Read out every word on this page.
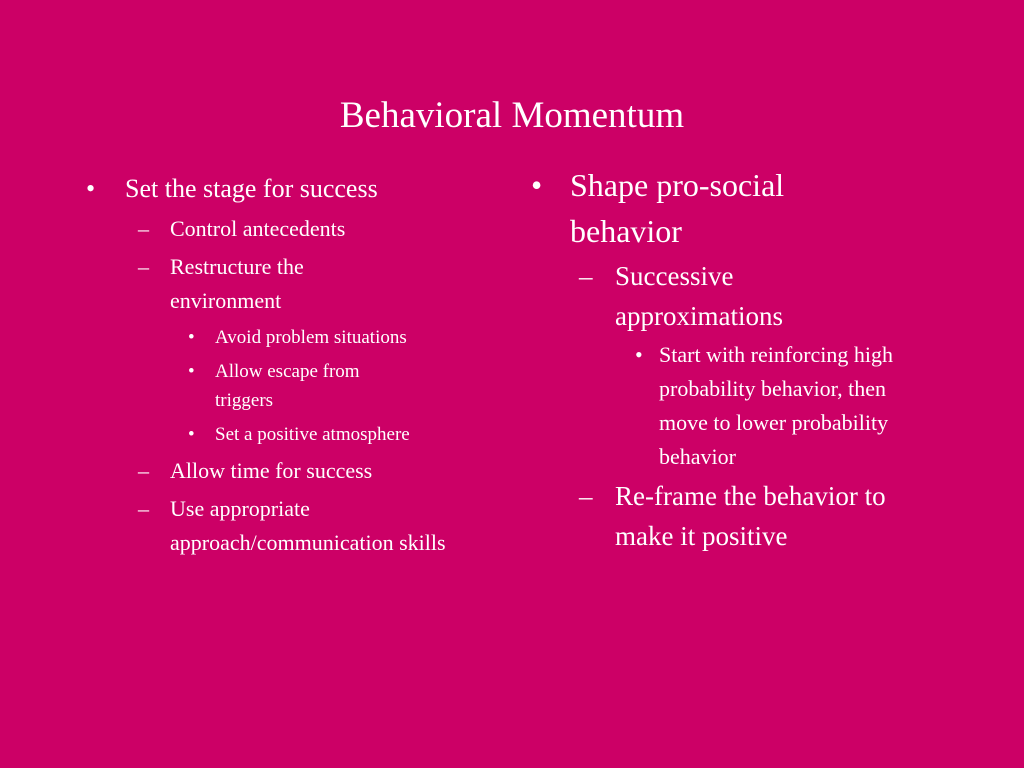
Behavioral Momentum
• Set the stage for success
– Control antecedents
– Restructure the environment
• Avoid problem situations
• Allow escape from triggers
• Set a positive atmosphere
– Allow time for success
– Use appropriate approach/communication skills
• Shape pro-social behavior
– Successive approximations
• Start with reinforcing high probability behavior, then move to lower probability behavior
– Re-frame the behavior to make it positive
